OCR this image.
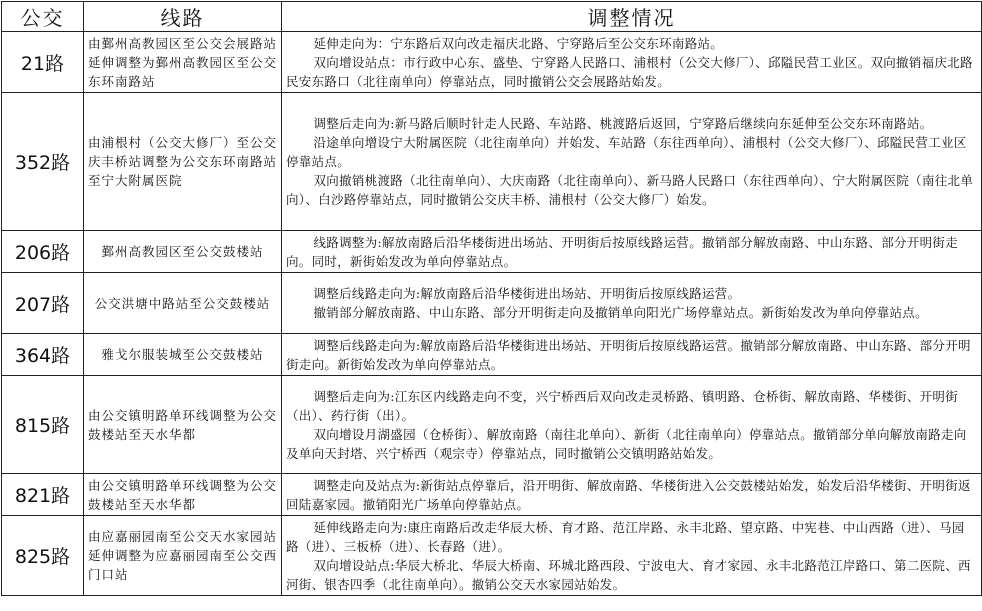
公交	线路	调整情况
21路	由鄞州高教园区至公交会展路站延伸调整为鄞州高教园区至公交东环南路站	延伸走向为：宁东路后双向改走福庆北路、宁穿路后至公交东环南路站。

双向增设站点：市行政中心东、盛垫、宁穿路人民路口、浦根村（公交大修厂）、邱隘民营工业区。双向撤销福庆北路民安东路口（北往南单向）停靠站点，同时撤销公交会展路站始发。

352路	由浦根村（公交大修厂）至公交庆丰桥站调整为公交东环南路站至宁大附属医院	调整后走向为:新马路后顺时针走人民路、车站路、桃渡路后返回，宁穿路后继续向东延伸至公交东环南路站。

沿途单向增设宁大附属医院（北往南单向）并始发、车站路（东往西单向）、浦根村（公交大修厂）、邱隘民营工业区停靠站点。

双向撤销桃渡路（北往南单向）、大庆南路（北往南单向）、新马路人民路口（东往西单向）、宁大附属医院（南往北单向）、白沙路停靠站点，同时撤销公交庆丰桥、浦根村（公交大修厂）始发。

206路	鄞州高教园区至公交鼓楼站	线路调整为:解放南路后沿华楼街进出场站、开明街后按原线路运营。撤销部分解放南路、中山东路、部分开明街走向。同时，新街始发改为单向停靠站点。

207路	公交洪塘中路站至公交鼓楼站	调整后线路走向为:解放南路后沿华楼街进出场站、开明街后按原线路运营。

撤销部分解放南路、中山东路、部分开明街走向及撤销单向阳光广场停靠站点。新街始发改为单向停靠站点。

364路	雅戈尔服装城至公交鼓楼站	调整后线路走向为:解放南路后沿华楼街进出场站、开明街后按原线路运营。撤销部分解放南路、中山东路、部分开明街走向。新街始发改为单向停靠站点。

815路	由公交镇明路单环线调整为公交鼓楼站至天水华都	调整后走向为:江东区内线路走向不变，兴宁桥西后双向改走灵桥路、镇明路、仓桥街、解放南路、华楼街、开明街（出）、药行街（出）。

双向增设月湖盛园（仓桥街）、解放南路（南往北单向）、新街（北往南单向）停靠站点。撤销部分单向解放南路走向及单向天封塔、兴宁桥西（观宗寺）停靠站点，同时撤销公交镇明路站始发。

821路	由公交镇明路单环线调整为公交鼓楼站至天水华都	调整走向及站点为:新街站点停靠后，沿开明街、解放南路、华楼街进入公交鼓楼站始发，始发后沿华楼街、开明街返回陆嘉家园。撤销阳光广场单向停靠站点。

825路	由应嘉丽园南至公交天水家园站延伸调整为应嘉丽园南至公交西门口站	延伸线路走向为:康庄南路后改走华辰大桥、育才路、范江岸路、永丰北路、望京路、中宪巷、中山西路（进）、马园路（进）、三板桥（进）、长春路（进）。

双向增设站点:华辰大桥北、华辰大桥南、环城北路西段、宁波电大、育才家园、永丰北路范江岸路口、第二医院、西河街、银杏四季（北往南单向）。撤销公交天水家园站始发。
